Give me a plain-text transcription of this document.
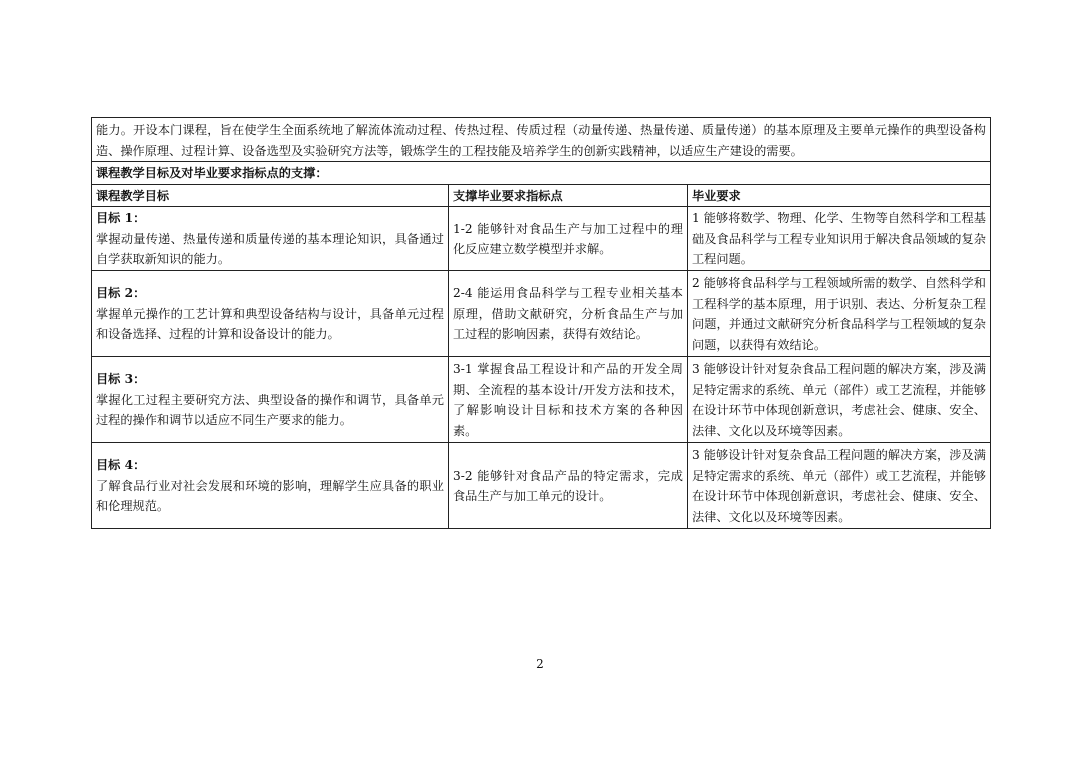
能力。开设本门课程，旨在使学生全面系统地了解流体流动过程、传热过程、传质过程（动量传递、热量传递、质量传递）的基本原理及主要单元操作的典型设备构造、操作原理、过程计算、设备选型及实验研究方法等，锻炼学生的工程技能及培养学生的创新实践精神，以适应生产建设的需要。		
课程教学目标及对毕业要求指标点的支撑：		
课程教学目标	支撑毕业要求指标点	毕业要求

目标 1：
掌握动量传递、热量传递和质量传递的基本理论知识，具备通过自学获取新知识的能力。	1-2 能够针对食品生产与加工过程中的理化反应建立数学模型并求解。	1 能够将数学、物理、化学、生物等自然科学和工程基础及食品科学与工程专业知识用于解决食品领域的复杂工程问题。

目标 2：
掌握单元操作的工艺计算和典型设备结构与设计，具备单元过程和设备选择、过程的计算和设备设计的能力。	2-4 能运用食品科学与工程专业相关基本原理，借助文献研究，分析食品生产与加工过程的影响因素，获得有效结论。	2 能够将食品科学与工程领域所需的数学、自然科学和工程科学的基本原理，用于识别、表达、分析复杂工程问题，并通过文献研究分析食品科学与工程领域的复杂问题，以获得有效结论。

目标 3：
掌握化工过程主要研究方法、典型设备的操作和调节，具备单元过程的操作和调节以适应不同生产要求的能力。	3-1 掌握食品工程设计和产品的开发全周期、全流程的基本设计/开发方法和技术，了解影响设计目标和技术方案的各种因素。	3 能够设计针对复杂食品工程问题的解决方案，涉及满足特定需求的系统、单元（部件）或工艺流程，并能够在设计环节中体现创新意识，考虑社会、健康、安全、法律、文化以及环境等因素。

目标 4：
了解食品行业对社会发展和环境的影响，理解学生应具备的职业和伦理规范。	3-2 能够针对食品产品的特定需求，完成食品生产与加工单元的设计。	3 能够设计针对复杂食品工程问题的解决方案，涉及满足特定需求的系统、单元（部件）或工艺流程，并能够在设计环节中体现创新意识，考虑社会、健康、安全、法律、文化以及环境等因素。
2
